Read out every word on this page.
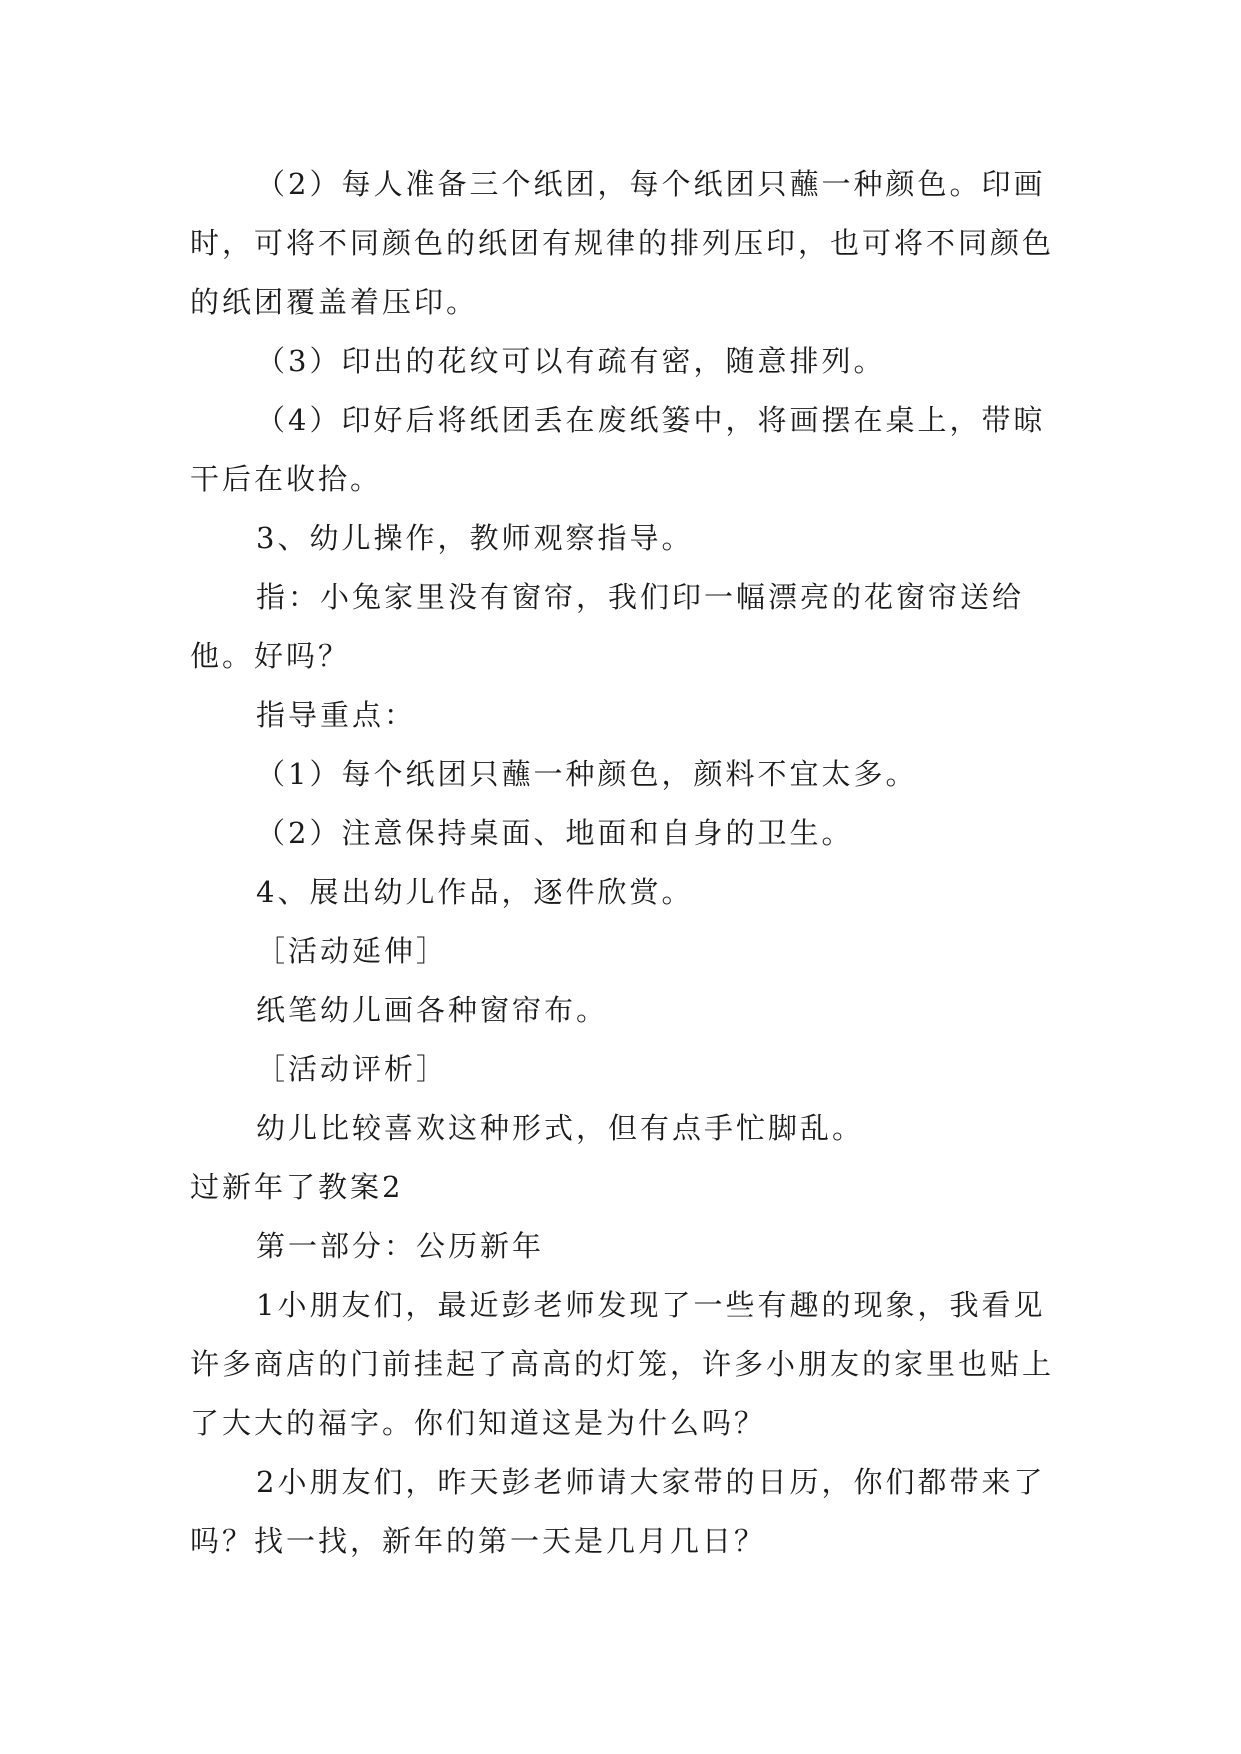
（2）每人准备三个纸团，每个纸团只蘸一种颜色。印画时，可将不同颜色的纸团有规律的排列压印，也可将不同颜色的纸团覆盖着压印。

（3）印出的花纹可以有疏有密，随意排列。

（4）印好后将纸团丢在废纸篓中，将画摆在桌上，带晾干后在收拾。

3、幼儿操作，教师观察指导。

指：小兔家里没有窗帘，我们印一幅漂亮的花窗帘送给他。好吗？

指导重点：

（1）每个纸团只蘸一种颜色，颜料不宜太多。

（2）注意保持桌面、地面和自身的卫生。

4、展出幼儿作品，逐件欣赏。

［活动延伸］

纸笔幼儿画各种窗帘布。

［活动评析］

幼儿比较喜欢这种形式，但有点手忙脚乱。

过新年了教案2

第一部分：公历新年

1小朋友们，最近彭老师发现了一些有趣的现象，我看见许多商店的门前挂起了高高的灯笼，许多小朋友的家里也贴上了大大的福字。你们知道这是为什么吗？

2小朋友们，昨天彭老师请大家带的日历，你们都带来了吗？找一找，新年的第一天是几月几日？
